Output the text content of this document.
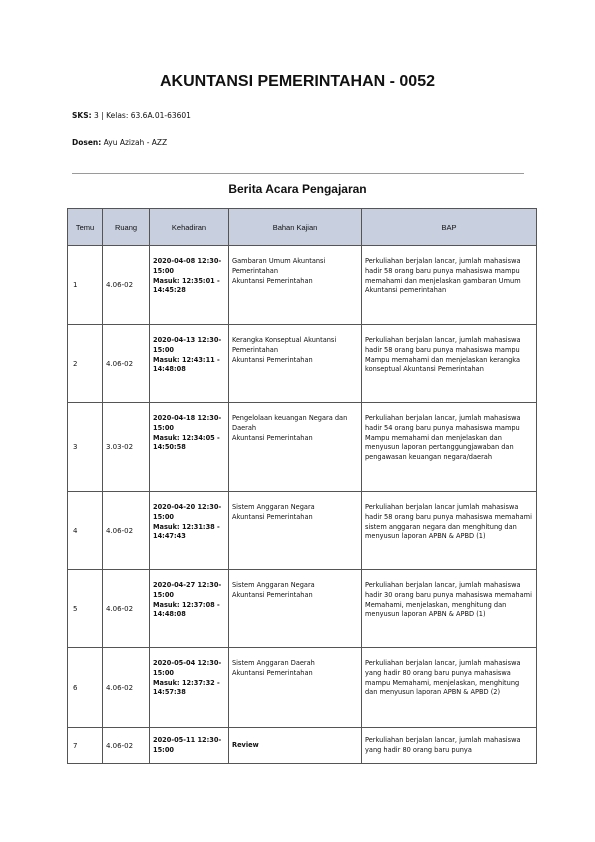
AKUNTANSI PEMERINTAHAN - 0052
SKS: 3 | Kelas: 63.6A.01-63601
Dosen: Ayu Azizah - AZZ
Berita Acara Pengajaran
Temu	Ruang	Kehadiran	Bahan Kajian	BAP

1	4.06-02	2020-04-08 12:30-
15:00
Masuk: 12:35:01 -
14:45:28	Gambaran Umum Akuntansi
Pemerintahan
Akuntansi Pemerintahan	Perkuliahan berjalan lancar, jumlah mahasiswa hadir 58 orang baru punya mahasiswa mampu memahami dan menjelaskan gambaran Umum Akuntansi pemerintahan

2	4.06-02	2020-04-13 12:30-
15:00
Masuk: 12:43:11 -
14:48:08	Kerangka Konseptual Akuntansi
Pemerintahan
Akuntansi Pemerintahan	Perkuliahan berjalan lancar, jumlah mahasiswa hadir 58 orang baru punya mahasiswa mampu Mampu memahami dan menjelaskan kerangka konseptual Akuntansi Pemerintahan

3	3.03-02	2020-04-18 12:30-
15:00
Masuk: 12:34:05 -
14:50:58	Pengelolaan keuangan Negara dan
Daerah
Akuntansi Pemerintahan	Perkuliahan berjalan lancar, jumlah mahasiswa hadir 54 orang baru punya mahasiswa mampu Mampu memahami dan menjelaskan dan menyusun laporan pertanggungjawaban dan pengawasan keuangan negara/daerah

4	4.06-02	2020-04-20 12:30-
15:00
Masuk: 12:31:38 -
14:47:43	Sistem Anggaran Negara
Akuntansi Pemerintahan	Perkuliahan berjalan lancar jumlah mahasiswa hadir 58 orang baru punya mahasiswa memahami sistem anggaran negara dan menghitung dan menyusun laporan APBN & APBD (1)

5	4.06-02	2020-04-27 12:30-
15:00
Masuk: 12:37:08 -
14:48:08	Sistem Anggaran Negara
Akuntansi Pemerintahan	Perkuliahan berjalan lancar, jumlah mahasiswa hadir 30 orang baru punya mahasiswa memahami Memahami, menjelaskan, menghitung dan menyusun laporan APBN & APBD (1)

6	4.06-02	2020-05-04 12:30-
15:00
Masuk: 12:37:32 -
14:57:38	Sistem Anggaran Daerah
Akuntansi Pemerintahan	Perkuliahan berjalan lancar, jumlah mahasiswa yang hadir 80 orang baru punya mahasiswa mampu Memahami, menjelaskan, menghitung dan menyusun laporan APBN & APBD (2)

7	4.06-02	2020-05-11 12:30-
15:00	Review	Perkuliahan berjalan lancar, jumlah mahasiswa yang hadir 80 orang baru punya
